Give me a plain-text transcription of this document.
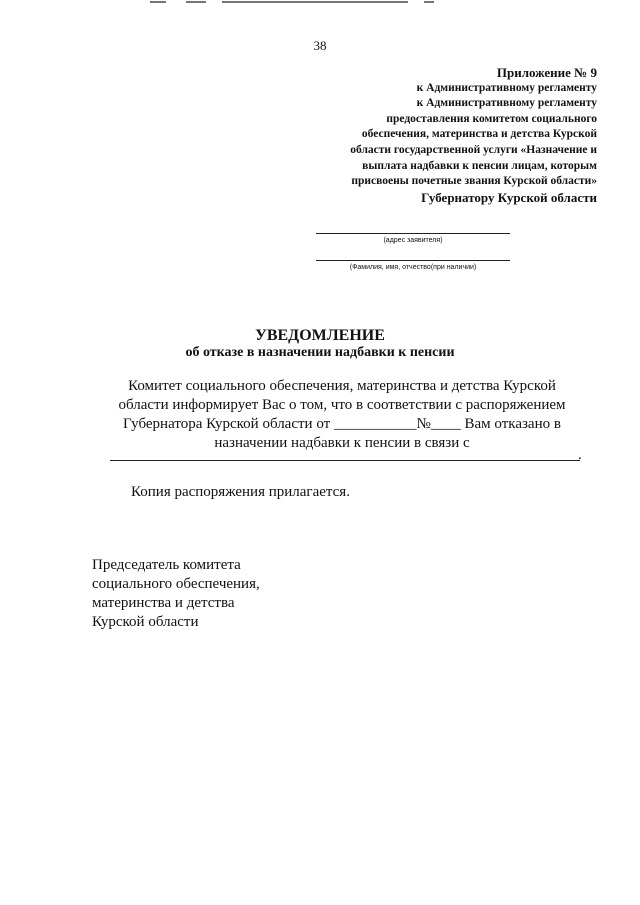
38
Приложение № 9
к Административному регламенту
к Административному регламенту
предоставления комитетом социального
обеспечения, материнства и детства Курской
области государственной услуги «Назначение и
выплата надбавки к пенсии лицам, которым
присвоены почетные звания Курской области»
Губернатору Курской области
(адрес заявителя)
(Фамилия, имя, отчество(при наличии)
УВЕДОМЛЕНИЕ
об отказе в назначении надбавки к пенсии
Комитет социального обеспечения, материнства и детства Курской
области информирует Вас о том, что в соответствии с распоряжением
Губернатора Курской области от ___________№____ Вам отказано в
назначении надбавки к пенсии в связи с
.
Копия распоряжения прилагается.
Председатель комитета
социального обеспечения,
материнства и детства
Курской области
